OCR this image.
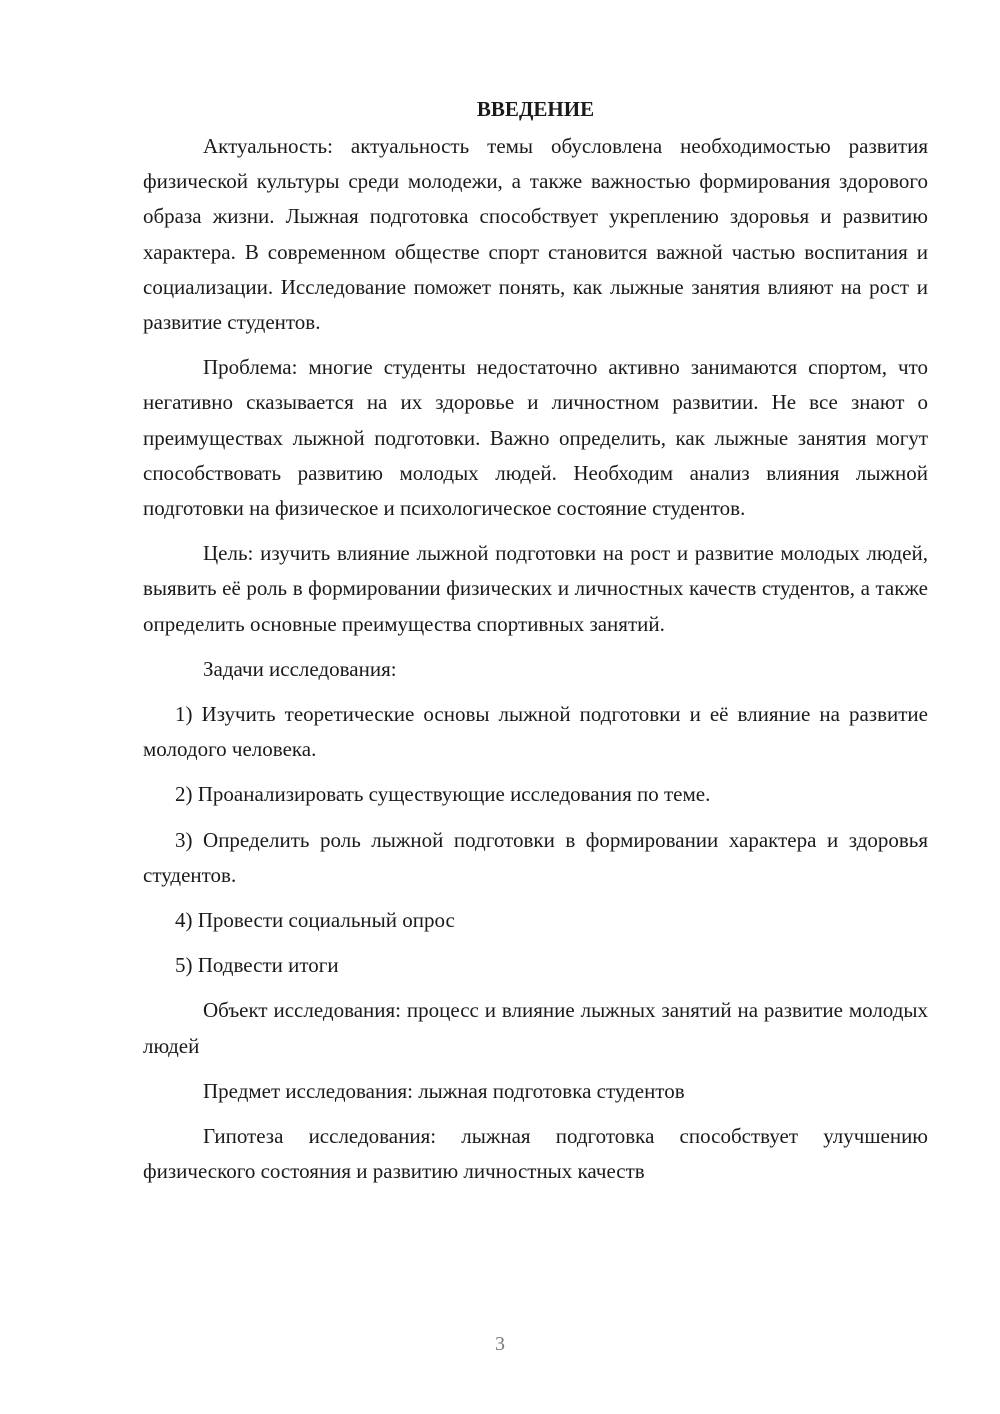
ВВЕДЕНИЕ

Актуальность: актуальность темы обусловлена необходимостью развития физической культуры среди молодежи, а также важностью формирования здорового образа жизни. Лыжная подготовка способствует укреплению здоровья и развитию характера. В современном обществе спорт становится важной частью воспитания и социализации. Исследование поможет понять, как лыжные занятия влияют на рост и развитие студентов.

Проблема: многие студенты недостаточно активно занимаются спортом, что негативно сказывается на их здоровье и личностном развитии. Не все знают о преимуществах лыжной подготовки. Важно определить, как лыжные занятия могут способствовать развитию молодых людей. Необходим анализ влияния лыжной подготовки на физическое и психологическое состояние студентов.

Цель: изучить влияние лыжной подготовки на рост и развитие молодых людей, выявить её роль в формировании физических и личностных качеств студентов, а также определить основные преимущества спортивных занятий.

Задачи исследования:

1) Изучить теоретические основы лыжной подготовки и её влияние на развитие молодого человека.

2) Проанализировать существующие исследования по теме.

3) Определить роль лыжной подготовки в формировании характера и здоровья студентов.

4) Провести социальный опрос

5) Подвести итоги

Объект исследования: процесс и влияние лыжных занятий на развитие молодых людей

Предмет исследования: лыжная подготовка студентов

Гипотеза исследования: лыжная подготовка способствует улучшению физического состояния и развитию личностных качеств

3
